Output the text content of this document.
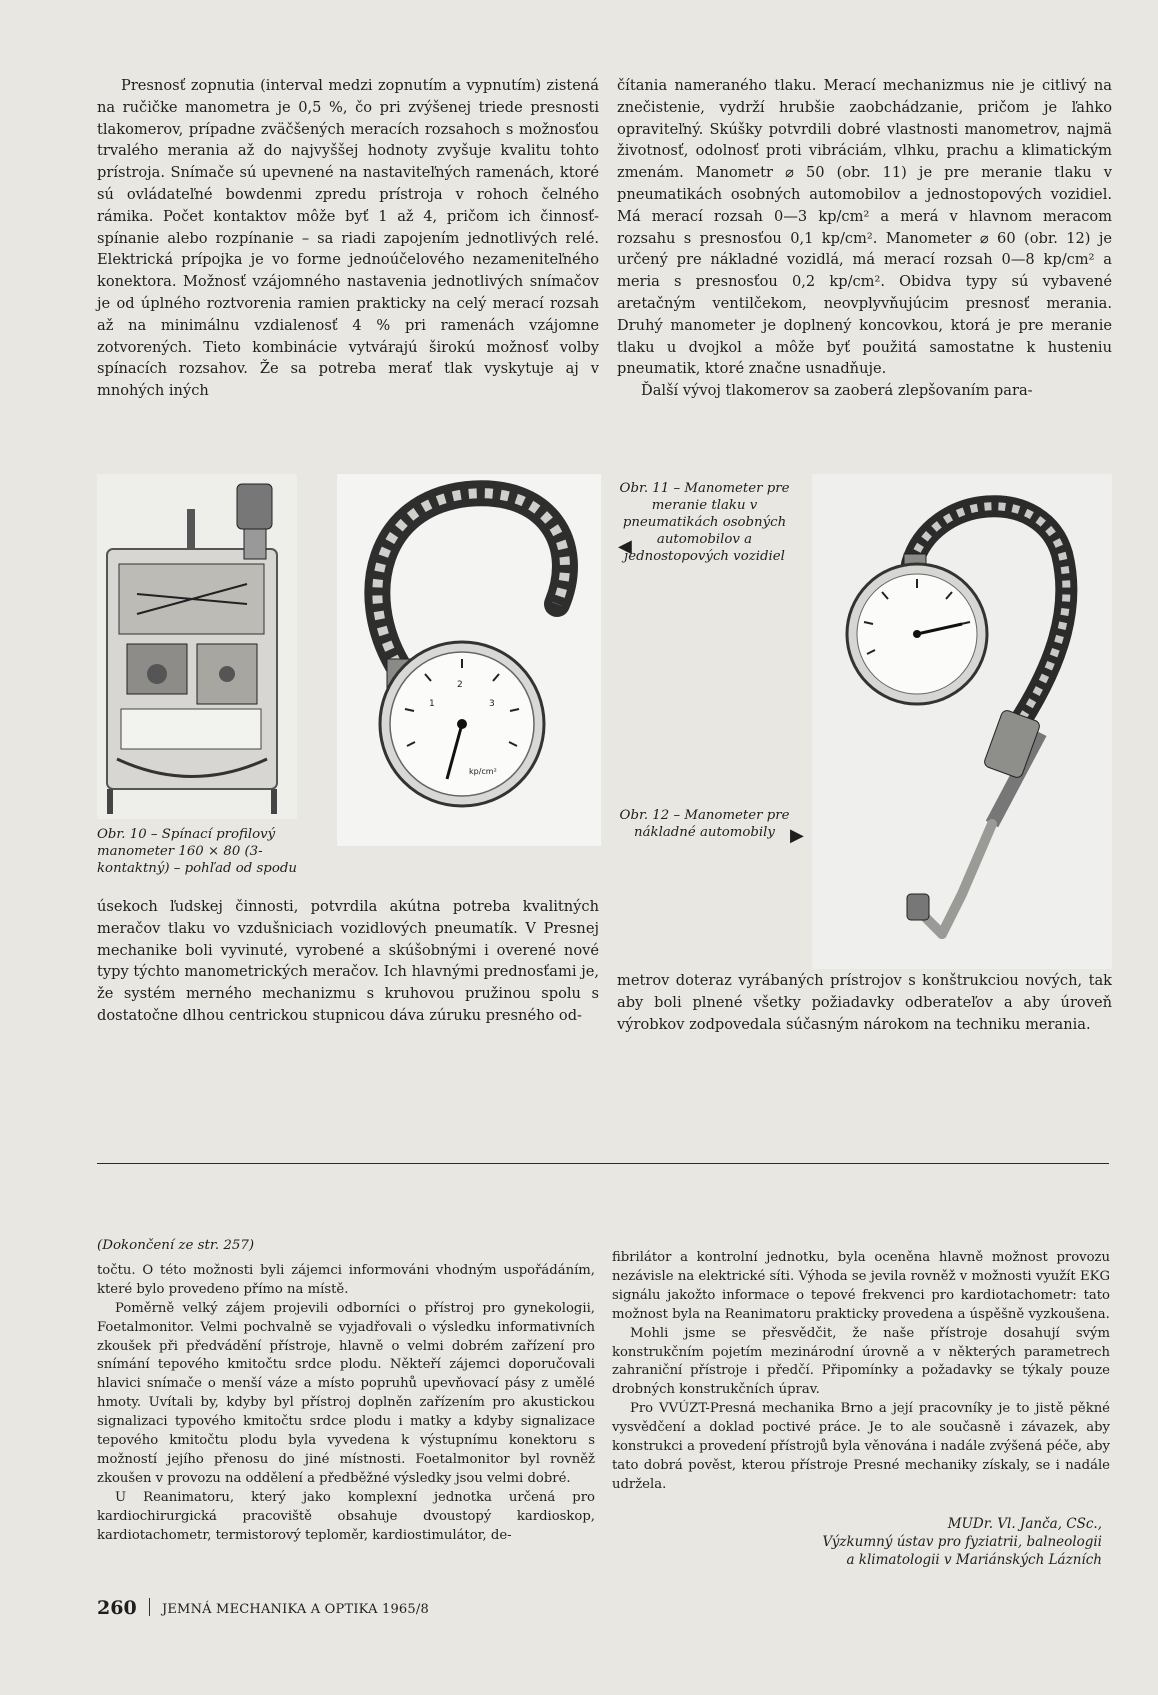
Presnosť zopnutia (interval medzi zopnutím a vypnutím) zistená na ručičke manometra je 0,5 %, čo pri zvýšenej triede presnosti tlakomerov, prípadne zväčšených meracích rozsahoch s možnosťou trvalého merania až do najvyššej hodnoty zvyšuje kvalitu tohto prístroja. Snímače sú upevnené na nastaviteľných ramenách, ktoré sú ovládateľné bowdenmi zpredu prístroja v rohoch čelného rámika. Počet kontaktov môže byť 1 až 4, pričom ich činnosť-spínanie alebo rozpínanie – sa riadi zapojením jednotlivých relé. Elektrická prípojka je vo forme jednoúčelového nezameniteľného konektora. Možnosť vzájomného nastavenia jednotlivých snímačov je od úplného roztvorenia ramien prakticky na celý merací rozsah až na minimálnu vzdialenosť 4 % pri ramenách vzájomne zotvorených. Tieto kombinácie vytvárajú širokú možnosť volby spínacích rozsahov. Že sa potreba merať tlak vyskytuje aj v mnohých iných

čítania nameraného tlaku. Merací mechanizmus nie je citlivý na znečistenie, vydrží hrubšie zaobchádzanie, pričom je ľahko opraviteľný. Skúšky potvrdili dobré vlastnosti manometrov, najmä životnosť, odolnosť proti vibráciám, vlhku, prachu a klimatickým zmenám. Manometr ⌀ 50 (obr. 11) je pre meranie tlaku v pneumatikách osobných automobilov a jednostopových vozidiel. Má merací rozsah 0—3 kp/cm² a merá v hlavnom meracom rozsahu s presnosťou 0,1 kp/cm². Manometer ⌀ 60 (obr. 12) je určený pre nákladné vozidlá, má merací rozsah 0—8 kp/cm² a meria s presnosťou 0,2 kp/cm². Obidva typy sú vybavené aretačným ventilčekom, neovplyvňujúcim presnosť merania. Druhý manometer je doplnený koncovkou, ktorá je pre meranie tlaku u dvojkol a môže byť použitá samostatne k husteniu pneumatik, ktoré značne usnadňuje.

Ďalší vývoj tlakomerov sa zaoberá zlepšovaním para-

1
2
3
kp/cm²
Obr. 10 – Spínací profilový manometer 160 × 80 (3-kontaktný) – pohľad od spodu
Obr. 11 – Manometer pre meranie tlaku v pneumatikách osobných automobilov a jednostopových vozidiel
◀
Obr. 12 – Manometer pre nákladné automobily ▶

úsekoch ľudskej činnosti, potvrdila akútna potreba kvalitných meračov tlaku vo vzdušniciach vozidlových pneumatík. V Presnej mechanike boli vyvinuté, vyrobené a skúšobnými i overené nové typy týchto manometrických meračov. Ich hlavnými prednosťami je, že systém merného mechanizmu s kruhovou pružinou spolu s dostatočne dlhou centrickou stupnicou dáva zúruku presného od-

metrov doteraz vyrábaných prístrojov s konštrukciou nových, tak aby boli plnené všetky požiadavky odberateľov a aby úroveň výrobkov zodpovedala súčasným nárokom na techniku merania.

(Dokončení ze str. 257)

točtu. O této možnosti byli zájemci informováni vhodným uspořádáním, které bylo provedeno přímo na místě.

Poměrně velký zájem projevili odborníci o přístroj pro gynekologii, Foetalmonitor. Velmi pochvalně se vyjadřovali o výsledku informativních zkoušek při předvádění přístroje, hlavně o velmi dobrém zařízení pro snímání tepového kmitočtu srdce plodu. Někteří zájemci doporučovali hlavici snímače o menší váze a místo popruhů upevňovací pásy z umělé hmoty. Uvítali by, kdyby byl přístroj doplněn zařízením pro akustickou signalizaci typového kmitočtu srdce plodu i matky a kdyby signalizace tepového kmitočtu plodu byla vyvedena k výstupnímu konektoru s možností jejího přenosu do jiné místnosti. Foetalmonitor byl rovněž zkoušen v provozu na oddělení a předběžné výsledky jsou velmi dobré.

U Reanimatoru, který jako komplexní jednotka určená pro kardiochirurgická pracoviště obsahuje dvoustopý kardioskop, kardiotachometr, termistorový teploměr, kardiostimulátor, de-

fibrilátor a kontrolní jednotku, byla oceněna hlavně možnost provozu nezávisle na elektrické síti. Výhoda se jevila rovněž v možnosti využít EKG signálu jakožto informace o tepové frekvenci pro kardiotachometr: tato možnost byla na Reanimatoru prakticky provedena a úspěšně vyzkoušena.

Mohli jsme se přesvědčit, že naše přístroje dosahují svým konstrukčním pojetím mezinárodní úrovně a v některých parametrech zahraniční přístroje i předčí. Připomínky a požadavky se týkaly pouze drobných konstrukčních úprav.

Pro VVÚZT-Presná mechanika Brno a její pracovníky je to jistě pěkné vysvědčení a doklad poctivé práce. Je to ale současně i závazek, aby konstrukci a provedení přístrojů byla věnována i nadále zvýšená péče, aby tato dobrá pověst, kterou přístroje Presné mechaniky získaly, se i nadále udržela.

MUDr. Vl. Janča, CSc.,
Výzkumný ústav pro fyziatrii, balneologii
a klimatologii v Mariánských Lázních
260 JEMNÁ MECHANIKA A OPTIKA 1965/8
